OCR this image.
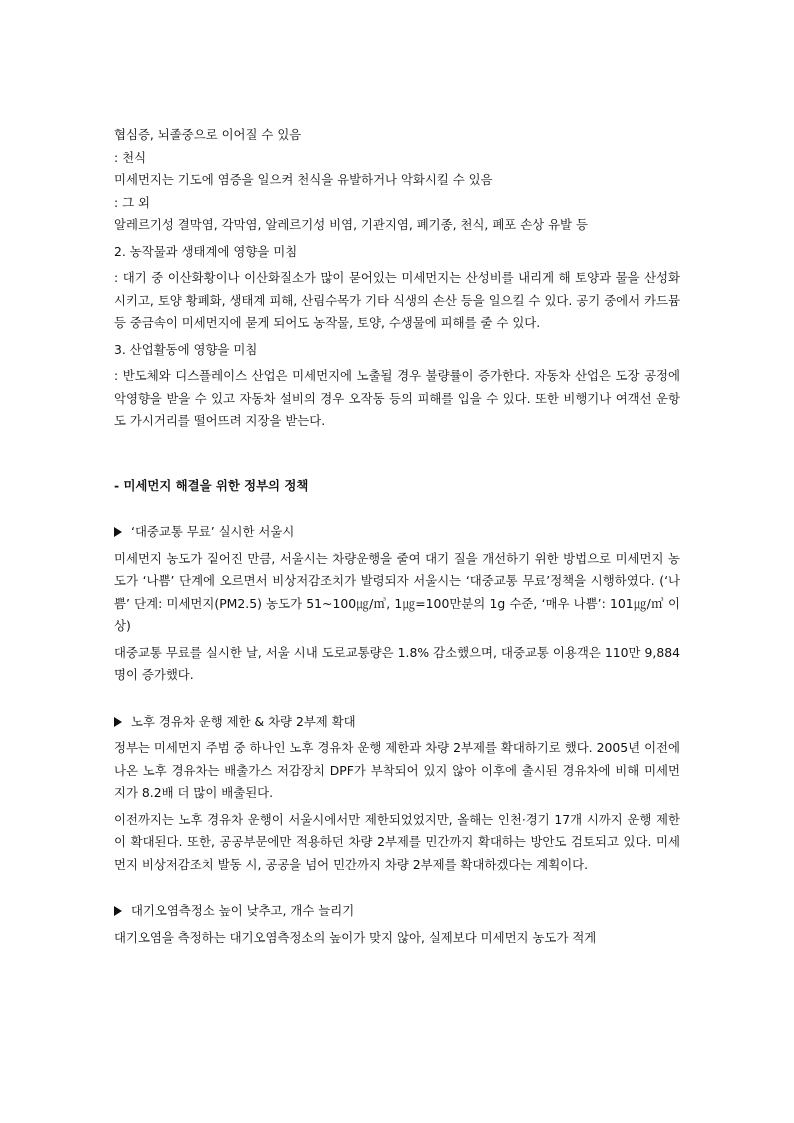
협심증, 뇌졸중으로 이어질 수 있음

: 천식

미세먼지는 기도에 염증을 일으켜 천식을 유발하거나 악화시킬 수 있음

: 그 외

알레르기성 결막염, 각막염, 알레르기성 비염, 기관지염, 폐기종, 천식, 폐포 손상 유발 등

2. 농작물과 생태계에 영향을 미침

: 대기 중 이산화황이나 이산화질소가 많이 묻어있는 미세먼지는 산성비를 내리게 해 토양과 물을 산성화 시키고, 토양 황폐화, 생태계 피해, 산림수목가 기타 식생의 손산 등을 일으킬 수 있다. 공기 중에서 카드뮴 등 중금속이 미세먼지에 묻게 되어도 농작물, 토양, 수생물에 피해를 줄 수 있다.

3. 산업활동에 영향을 미침

: 반도체와 디스플레이스 산업은 미세먼지에 노출될 경우 불량률이 증가한다. 자동차 산업은 도장 공정에 악영향을 받을 수 있고 자동차 설비의 경우 오작동 등의 피해를 입을 수 있다. 또한 비행기나 여객선 운항도 가시거리를 떨어뜨려 지장을 받는다.

- 미세먼지 해결을 위한 정부의 정책

‘대중교통 무료’ 실시한 서울시

미세먼지 농도가 짙어진 만큼, 서울시는 차량운행을 줄여 대기 질을 개선하기 위한 방법으로 미세먼지 농도가 ‘나쁨’ 단계에 오르면서 비상저감조치가 발령되자 서울시는 ‘대중교통 무료’정책을 시행하였다. (‘나쁨’ 단계: 미세먼지(PM2.5) 농도가 51~100㎍/㎥, 1㎍=100만분의 1g 수준, ‘매우 나쁨’: 101㎍/㎥ 이상)

대중교통 무료를 실시한 날, 서울 시내 도로교통량은 1.8% 감소했으며, 대중교통 이용객은 110만 9,884명이 증가했다.

노후 경유차 운행 제한 & 차량 2부제 확대

정부는 미세먼지 주범 중 하나인 노후 경유차 운행 제한과 차량 2부제를 확대하기로 했다. 2005년 이전에 나온 노후 경유차는 배출가스 저감장치 DPF가 부착되어 있지 않아 이후에 출시된 경유차에 비해 미세먼지가 8.2배 더 많이 배출된다.

이전까지는 노후 경유차 운행이 서울시에서만 제한되었었지만, 올해는 인천·경기 17개 시까지 운행 제한이 확대된다. 또한, 공공부문에만 적용하던 차량 2부제를 민간까지 확대하는 방안도 검토되고 있다. 미세먼지 비상저감조치 발동 시, 공공을 넘어 민간까지 차량 2부제를 확대하겠다는 계획이다.

대기오염측정소 높이 낮추고, 개수 늘리기

대기오염을 측정하는 대기오염측정소의 높이가 맞지 않아, 실제보다 미세먼지 농도가 적게
